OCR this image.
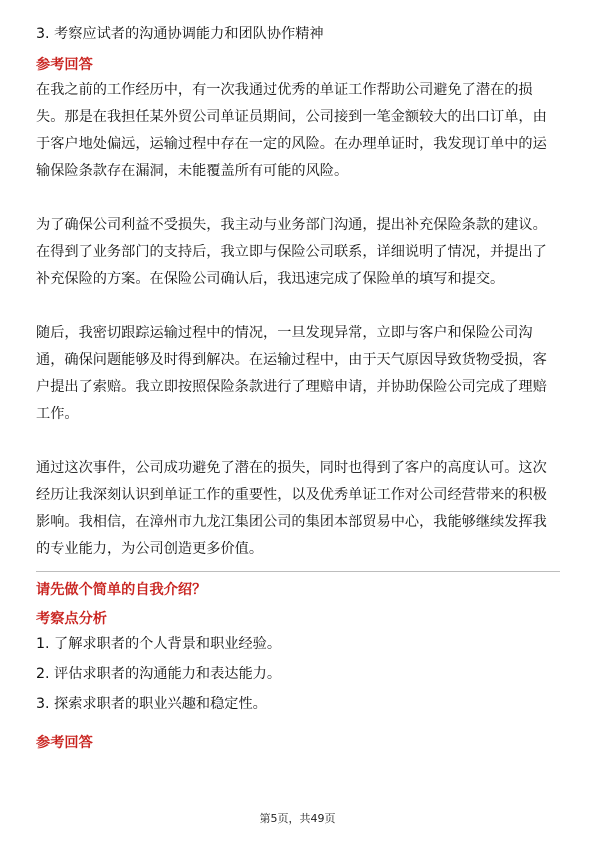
3. 考察应试者的沟通协调能力和团队协作精神

参考回答

在我之前的工作经历中，有一次我通过优秀的单证工作帮助公司避免了潜在的损

失。那是在我担任某外贸公司单证员期间，公司接到一笔金额较大的出口订单，由

于客户地处偏远，运输过程中存在一定的风险。在办理单证时，我发现订单中的运

输保险条款存在漏洞，未能覆盖所有可能的风险。

为了确保公司利益不受损失，我主动与业务部门沟通，提出补充保险条款的建议。

在得到了业务部门的支持后，我立即与保险公司联系，详细说明了情况，并提出了

补充保险的方案。在保险公司确认后，我迅速完成了保险单的填写和提交。

随后，我密切跟踪运输过程中的情况，一旦发现异常，立即与客户和保险公司沟

通，确保问题能够及时得到解决。在运输过程中，由于天气原因导致货物受损，客

户提出了索赔。我立即按照保险条款进行了理赔申请，并协助保险公司完成了理赔

工作。

通过这次事件，公司成功避免了潜在的损失，同时也得到了客户的高度认可。这次

经历让我深刻认识到单证工作的重要性，以及优秀单证工作对公司经营带来的积极

影响。我相信，在漳州市九龙江集团公司的集团本部贸易中心，我能够继续发挥我

的专业能力，为公司创造更多价值。

请先做个简单的自我介绍？

考察点分析

1. 了解求职者的个人背景和职业经验。

2. 评估求职者的沟通能力和表达能力。

3. 探索求职者的职业兴趣和稳定性。

参考回答

第5页，共49页
